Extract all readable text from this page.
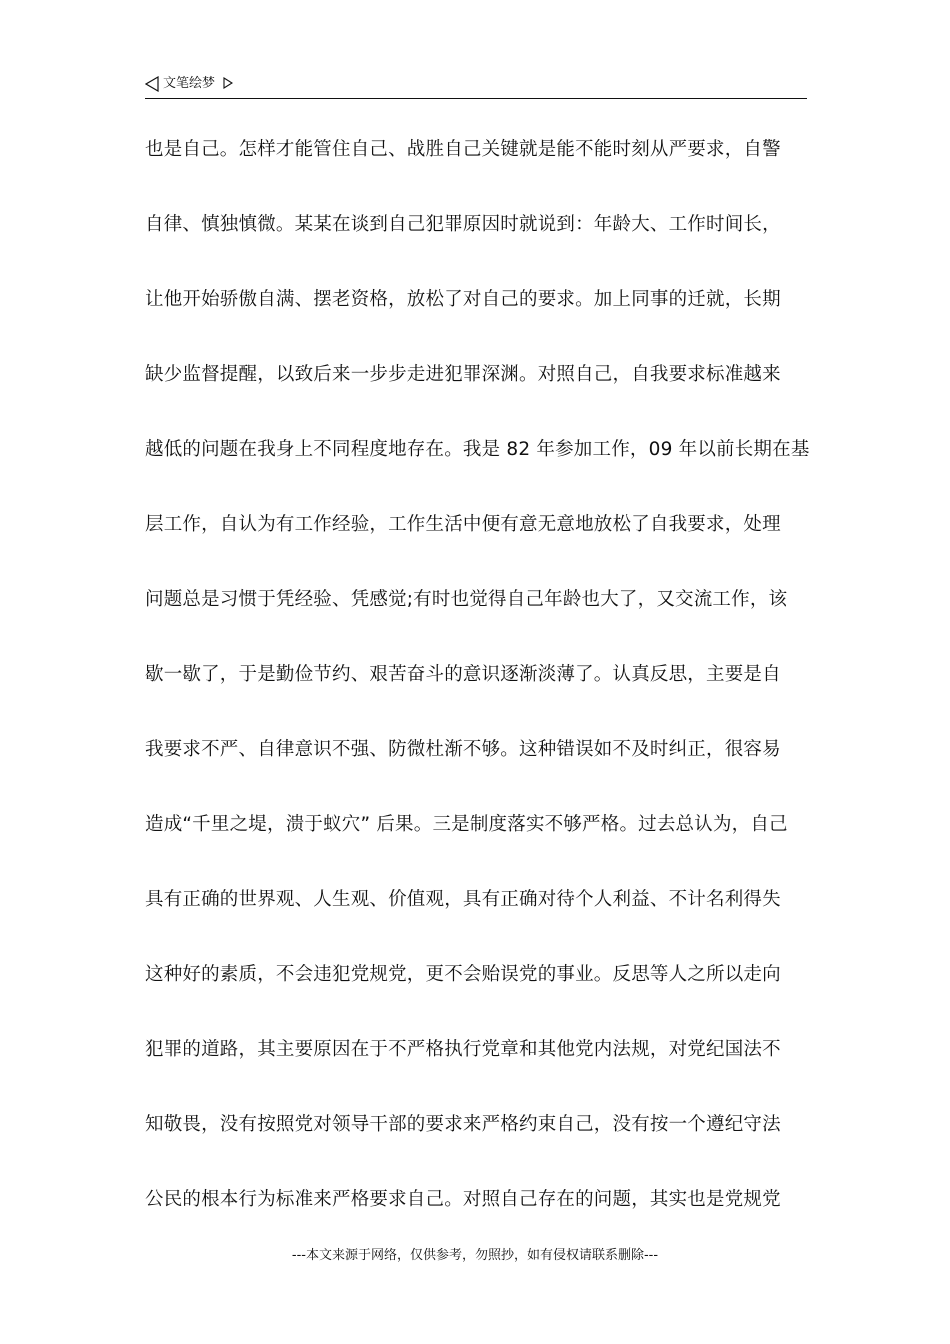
文笔绘梦
也是自己。怎样才能管住自己、战胜自己关键就是能不能时刻从严要求，自警
自律、慎独慎微。某某在谈到自己犯罪原因时就说到：年龄大、工作时间长，
让他开始骄傲自满、摆老资格，放松了对自己的要求。加上同事的迁就，长期
缺少监督提醒，以致后来一步步走进犯罪深渊。对照自己，自我要求标准越来
越低的问题在我身上不同程度地存在。我是 82 年参加工作，09 年以前长期在基
层工作，自认为有工作经验，工作生活中便有意无意地放松了自我要求，处理
问题总是习惯于凭经验、凭感觉;有时也觉得自己年龄也大了，又交流工作，该
歇一歇了，于是勤俭节约、艰苦奋斗的意识逐渐淡薄了。认真反思，主要是自
我要求不严、自律意识不强、防微杜渐不够。这种错误如不及时纠正，很容易
造成“千里之堤，溃于蚁穴” 后果。三是制度落实不够严格。过去总认为，自己
具有正确的世界观、人生观、价值观，具有正确对待个人利益、不计名利得失
这种好的素质，不会违犯党规党，更不会贻误党的事业。反思等人之所以走向
犯罪的道路，其主要原因在于不严格执行党章和其他党内法规，对党纪国法不
知敬畏，没有按照党对领导干部的要求来严格约束自己，没有按一个遵纪守法
公民的根本行为标准来严格要求自己。对照自己存在的问题，其实也是党规党
---本文来源于网络，仅供参考，勿照抄，如有侵权请联系删除---
